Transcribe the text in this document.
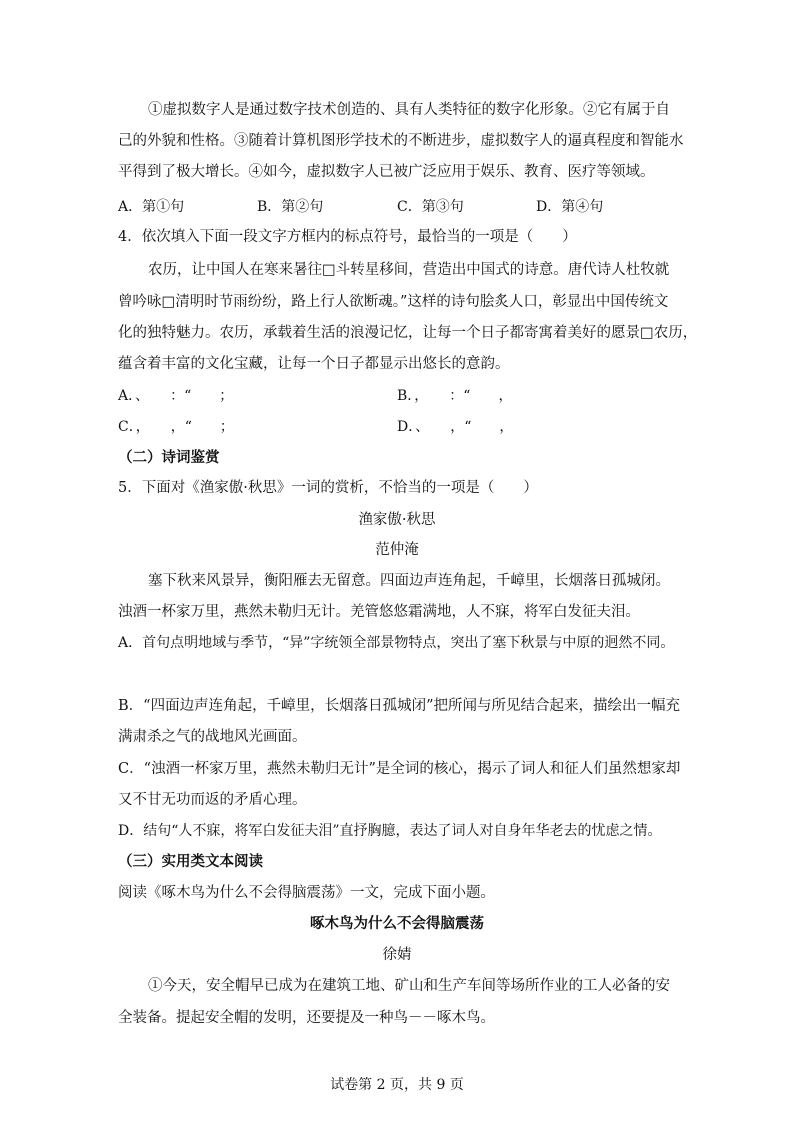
①虚拟数字人是通过数字技术创造的、具有人类特征的数字化形象。②它有属于自
己的外貌和性格。③随着计算机图形学技术的不断进步，虚拟数字人的逼真程度和智能水
平得到了极大增长。④如今，虚拟数字人已被广泛应用于娱乐、教育、医疗等领域。
A．第①句	B．第②句	C．第③句	D．第④句
4．依次填入下面一段文字方框内的标点符号，最恰当的一项是（　　）
农历，让中国人在寒来暑往□斗转星移间，营造出中国式的诗意。唐代诗人杜牧就
曾吟咏□清明时节雨纷纷，路上行人欲断魂。”这样的诗句脍炙人口，彰显出中国传统文
化的独特魅力。农历，承载着生活的浪漫记忆，让每一个日子都寄寓着美好的愿景□农历，
蕴含着丰富的文化宝藏，让每一个日子都显示出悠长的意韵。
A．、　　：“　　；	B．，　　：“　　，
C．，　　，“　　；	D．、　　，“　　，
（二）诗词鉴赏
5．下面对《渔家傲·秋思》一词的赏析，不恰当的一项是（　　）
渔家傲·秋思
范仲淹
塞下秋来风景异，衡阳雁去无留意。四面边声连角起，千嶂里，长烟落日孤城闭。
浊酒一杯家万里，燕然未勒归无计。羌管悠悠霜满地，人不寐，将军白发征夫泪。
A．首句点明地域与季节，“异”字统领全部景物特点，突出了塞下秋景与中原的迥然不同。
B．“四面边声连角起，千嶂里，长烟落日孤城闭”把所闻与所见结合起来，描绘出一幅充
满肃杀之气的战地风光画面。
C．“浊酒一杯家万里，燕然未勒归无计”是全词的核心，揭示了词人和征人们虽然想家却
又不甘无功而返的矛盾心理。
D．结句“人不寐，将军白发征夫泪”直抒胸臆，表达了词人对自身年华老去的忧虑之情。
（三）实用类文本阅读
阅读《啄木鸟为什么不会得脑震荡》一文，完成下面小题。
啄木鸟为什么不会得脑震荡
徐婧
①今天，安全帽早已成为在建筑工地、矿山和生产车间等场所作业的工人必备的安
全装备。提起安全帽的发明，还要提及一种鸟－－啄木鸟。
试卷第 2 页，共 9 页
